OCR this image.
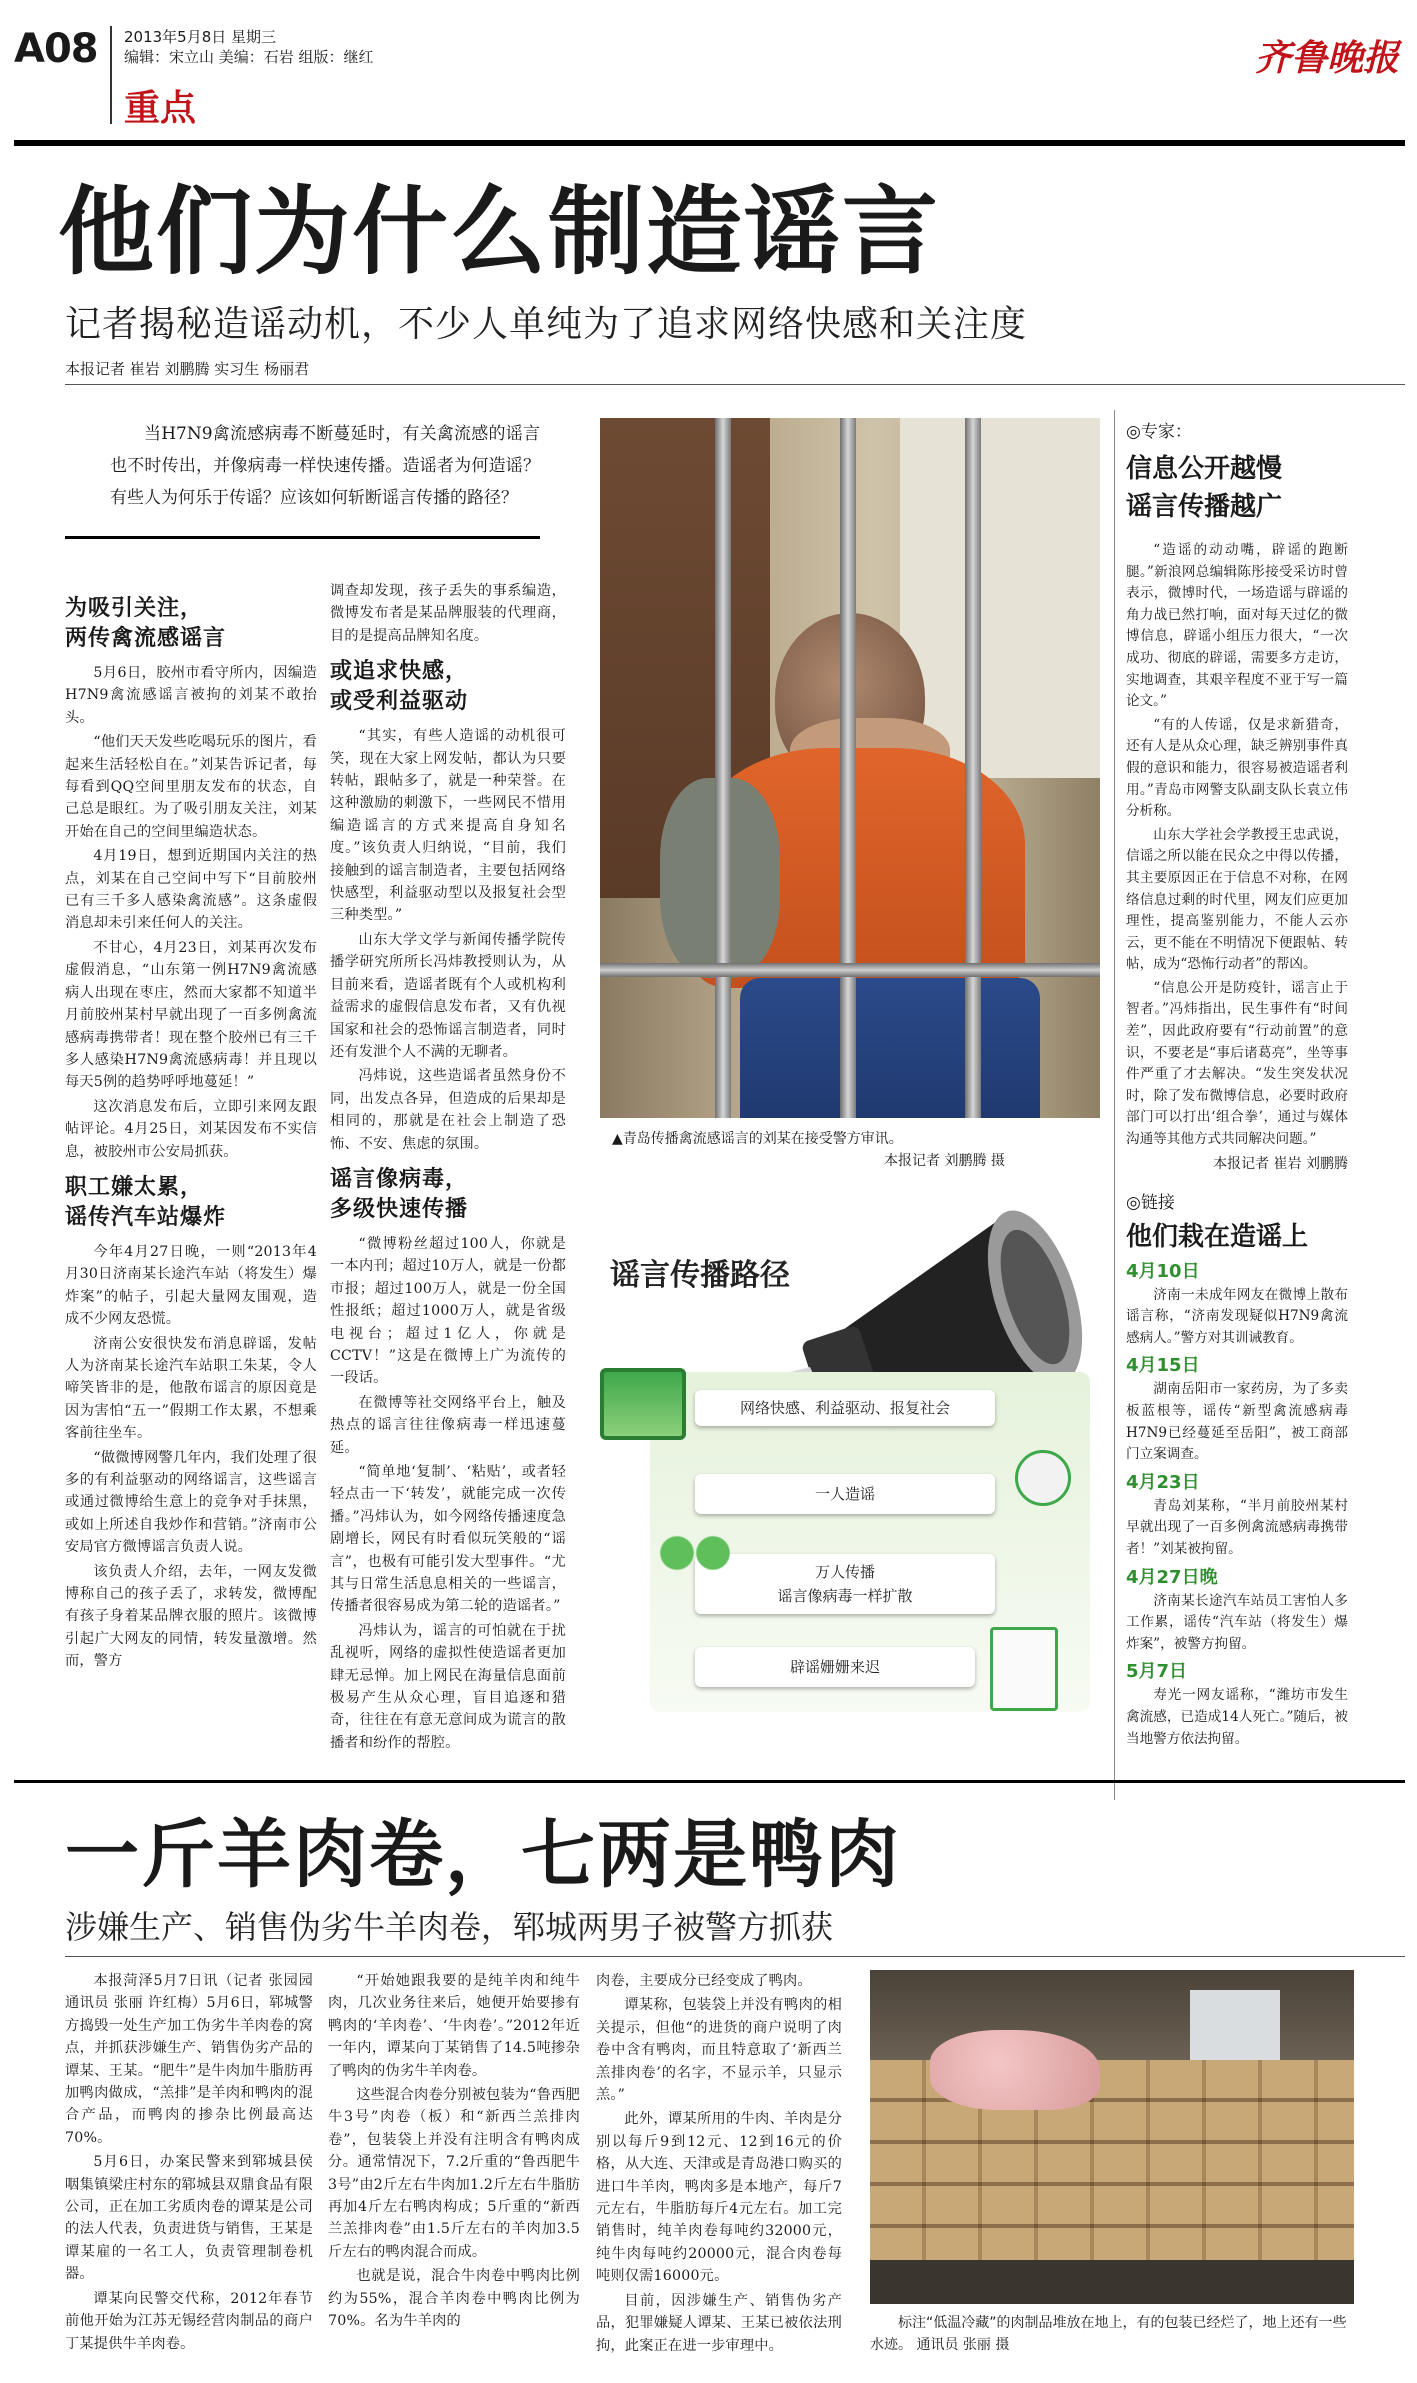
A08 2013年5月8日 星期三
编辑：宋立山 美编：石岩 组版：继红
重点
齐鲁晚报
他们为什么制造谣言
记者揭秘造谣动机，不少人单纯为了追求网络快感和关注度
本报记者 崔岩 刘鹏腾 实习生 杨丽君
当H7N9禽流感病毒不断蔓延时，有关禽流感的谣言也不时传出，并像病毒一样快速传播。造谣者为何造谣？有些人为何乐于传谣？应该如何斩断谣言传播的路径？
为吸引关注，
两传禽流感谣言

5月6日，胶州市看守所内，因编造H7N9禽流感谣言被拘的刘某不敢抬头。

“他们天天发些吃喝玩乐的图片，看起来生活轻松自在。”刘某告诉记者，每每看到QQ空间里朋友发布的状态，自己总是眼红。为了吸引朋友关注，刘某开始在自己的空间里编造状态。

4月19日，想到近期国内关注的热点，刘某在自己空间中写下“目前胶州已有三千多人感染禽流感”。这条虚假消息却未引来任何人的关注。

不甘心，4月23日，刘某再次发布虚假消息，“山东第一例H7N9禽流感病人出现在枣庄，然而大家都不知道半月前胶州某村早就出现了一百多例禽流感病毒携带者！现在整个胶州已有三千多人感染H7N9禽流感病毒！并且现以每天5例的趋势呼呼地蔓延！”

这次消息发布后，立即引来网友跟帖评论。4月25日，刘某因发布不实信息，被胶州市公安局抓获。

职工嫌太累，
谣传汽车站爆炸

今年4月27日晚，一则“2013年4月30日济南某长途汽车站（将发生）爆炸案”的帖子，引起大量网友围观，造成不少网友恐慌。

济南公安很快发布消息辟谣，发帖人为济南某长途汽车站职工朱某，令人啼笑皆非的是，他散布谣言的原因竟是因为害怕“五一”假期工作太累，不想乘客前往坐车。

“做微博网警几年内，我们处理了很多的有利益驱动的网络谣言，这些谣言或通过微博给生意上的竞争对手抹黑，或如上所述自我炒作和营销。”济南市公安局官方微博谣言负责人说。

该负责人介绍，去年，一网友发微博称自己的孩子丢了，求转发，微博配有孩子身着某品牌衣服的照片。该微博引起广大网友的同情，转发量激增。然而，警方

调查却发现，孩子丢失的事系编造，微博发布者是某品牌服装的代理商，目的是提高品牌知名度。

或追求快感，
或受利益驱动

“其实，有些人造谣的动机很可笑，现在大家上网发帖，都认为只要转帖，跟帖多了，就是一种荣誉。在这种激励的刺激下，一些网民不惜用编造谣言的方式来提高自身知名度。”该负责人归纳说，“目前，我们接触到的谣言制造者，主要包括网络快感型，利益驱动型以及报复社会型三种类型。”

山东大学文学与新闻传播学院传播学研究所所长冯炜教授则认为，从目前来看，造谣者既有个人或机构利益需求的虚假信息发布者，又有仇视国家和社会的恐怖谣言制造者，同时还有发泄个人不满的无聊者。

冯炜说，这些造谣者虽然身份不同，出发点各异，但造成的后果却是相同的，那就是在社会上制造了恐怖、不安、焦虑的氛围。

谣言像病毒，
多级快速传播

“微博粉丝超过100人，你就是一本内刊；超过10万人，就是一份都市报；超过100万人，就是一份全国性报纸；超过1000万人，就是省级电视台；超过1亿人，你就是CCTV！”这是在微博上广为流传的一段话。

在微博等社交网络平台上，触及热点的谣言往往像病毒一样迅速蔓延。

“简单地‘复制’、‘粘贴’，或者轻轻点击一下‘转发’，就能完成一次传播。”冯炜认为，如今网络传播速度急剧增长，网民有时看似玩笑般的“谣言”，也极有可能引发大型事件。“尤其与日常生活息息相关的一些谣言，传播者很容易成为第二轮的造谣者。”

冯炜认为，谣言的可怕就在于扰乱视听，网络的虚拟性使造谣者更加肆无忌惮。加上网民在海量信息面前极易产生从众心理，盲目追逐和猎奇，往往在有意无意间成为谎言的散播者和纷作的帮腔。

▲青岛传播禽流感谣言的刘某在接受警方审讯。
本报记者 刘鹏腾 摄
谣言传播路径
网络快感、利益驱动、报复社会
一人造谣
万人传播
谣言像病毒一样扩散
辟谣姗姗来迟
◎专家：
信息公开越慢
谣言传播越广

“造谣的动动嘴，辟谣的跑断腿。”新浪网总编辑陈彤接受采访时曾表示，微博时代，一场造谣与辟谣的角力战已然打响，面对每天过亿的微博信息，辟谣小组压力很大，“一次成功、彻底的辟谣，需要多方走访，实地调查，其艰辛程度不亚于写一篇论文。”

“有的人传谣，仅是求新猎奇，还有人是从众心理，缺乏辨别事件真假的意识和能力，很容易被造谣者利用。”青岛市网警支队副支队长袁立伟分析称。

山东大学社会学教授王忠武说，信谣之所以能在民众之中得以传播，其主要原因正在于信息不对称，在网络信息过剩的时代里，网友们应更加理性，提高鉴别能力，不能人云亦云，更不能在不明情况下便跟帖、转帖，成为“恐怖行动者”的帮凶。

“信息公开是防疫针，谣言止于智者。”冯炜指出，民生事件有“时间差”，因此政府要有“行动前置”的意识，不要老是“事后诸葛亮”，坐等事件严重了才去解决。“发生突发状况时，除了发布微博信息，必要时政府部门可以打出‘组合拳’，通过与媒体沟通等其他方式共同解决问题。”

本报记者 崔岩 刘鹏腾
◎链接
他们栽在造谣上
4月10日

济南一未成年网友在微博上散布谣言称，“济南发现疑似H7N9禽流感病人。”警方对其训诫教育。

4月15日

湖南岳阳市一家药房，为了多卖板蓝根等，谣传“新型禽流感病毒H7N9已经蔓延至岳阳”，被工商部门立案调查。

4月23日

青岛刘某称，“半月前胶州某村早就出现了一百多例禽流感病毒携带者！”刘某被拘留。

4月27日晚

济南某长途汽车站员工害怕人多工作累，谣传“汽车站（将发生）爆炸案”，被警方拘留。

5月7日

寿光一网友谣称，“潍坊市发生禽流感，已造成14人死亡。”随后，被当地警方依法拘留。

一斤羊肉卷，七两是鸭肉
涉嫌生产、销售伪劣牛羊肉卷，郓城两男子被警方抓获

本报菏泽5月7日讯（记者 张园园 通讯员 张丽 许红梅）5月6日，郓城警方捣毁一处生产加工伪劣牛羊肉卷的窝点，并抓获涉嫌生产、销售伪劣产品的谭某、王某。“肥牛”是牛肉加牛脂肪再加鸭肉做成，“羔排”是羊肉和鸭肉的混合产品，而鸭肉的掺杂比例最高达70%。

5月6日，办案民警来到郓城县侯咽集镇梁庄村东的郓城县双鼎食品有限公司，正在加工劣质肉卷的谭某是公司的法人代表，负责进货与销售，王某是谭某雇的一名工人，负责管理制卷机器。

谭某向民警交代称，2012年春节前他开始为江苏无锡经营肉制品的商户丁某提供牛羊肉卷。

“开始她跟我要的是纯羊肉和纯牛肉，几次业务往来后，她便开始要掺有鸭肉的‘羊肉卷’、‘牛肉卷’。”2012年近一年内，谭某向丁某销售了14.5吨掺杂了鸭肉的伪劣牛羊肉卷。

这些混合肉卷分别被包装为“鲁西肥牛3号”肉卷（板）和“新西兰羔排肉卷”，包装袋上并没有注明含有鸭肉成分。通常情况下，7.2斤重的“鲁西肥牛3号”由2斤左右牛肉加1.2斤左右牛脂肪再加4斤左右鸭肉构成；5斤重的“新西兰羔排肉卷”由1.5斤左右的羊肉加3.5斤左右的鸭肉混合而成。

也就是说，混合牛肉卷中鸭肉比例约为55%，混合羊肉卷中鸭肉比例为70%。名为牛羊肉的

肉卷，主要成分已经变成了鸭肉。

谭某称，包装袋上并没有鸭肉的相关提示，但他“的进货的商户说明了肉卷中含有鸭肉，而且特意取了‘新西兰羔排肉卷’的名字，不显示羊，只显示羔。”

此外，谭某所用的牛肉、羊肉是分别以每斤9到12元、12到16元的价格，从大连、天津或是青岛港口购买的进口牛羊肉，鸭肉多是本地产，每斤7元左右，牛脂肪每斤4元左右。加工完销售时，纯羊肉卷每吨约32000元，纯牛肉每吨约20000元，混合肉卷每吨则仅需16000元。

目前，因涉嫌生产、销售伪劣产品，犯罪嫌疑人谭某、王某已被依法刑拘，此案正在进一步审理中。

标注“低温冷藏”的肉制品堆放在地上，有的包装已经烂了，地上还有一些水迹。 通讯员 张丽 摄
